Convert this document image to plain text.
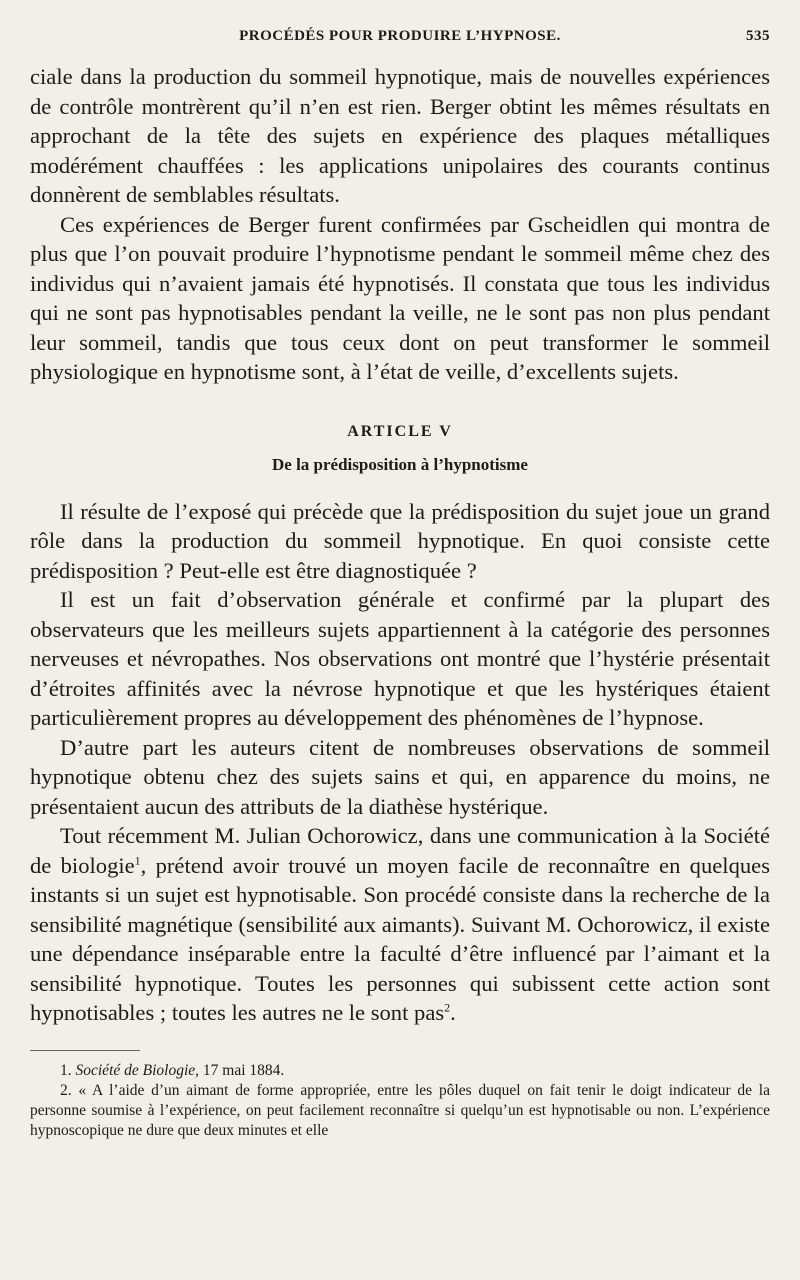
PROCÉDÉS POUR PRODUIRE L’HYPNOSE.	535

ciale dans la production du sommeil hypnotique, mais de nouvelles expériences de contrôle montrèrent qu’il n’en est rien. Berger obtint les mêmes résultats en approchant de la tête des sujets en expérience des plaques métalliques modérément chauffées : les applications unipolaires des courants continus donnèrent de semblables résultats.

Ces expériences de Berger furent confirmées par Gscheidlen qui montra de plus que l’on pouvait produire l’hypnotisme pendant le sommeil même chez des individus qui n’avaient jamais été hypnotisés. Il constata que tous les individus qui ne sont pas hypnotisables pendant la veille, ne le sont pas non plus pendant leur sommeil, tandis que tous ceux dont on peut transformer le sommeil physiologique en hypnotisme sont, à l’état de veille, d’excellents sujets.

ARTICLE V
De la prédisposition à l’hypnotisme

Il résulte de l’exposé qui précède que la prédisposition du sujet joue un grand rôle dans la production du sommeil hypnotique. En quoi consiste cette prédisposition ? Peut-elle est être diagnostiquée ?

Il est un fait d’observation générale et confirmé par la plupart des observateurs que les meilleurs sujets appartiennent à la catégorie des personnes nerveuses et névropathes. Nos observations ont montré que l’hystérie présentait d’étroites affinités avec la névrose hypnotique et que les hystériques étaient particulièrement propres au développement des phénomènes de l’hypnose.

D’autre part les auteurs citent de nombreuses observations de sommeil hypnotique obtenu chez des sujets sains et qui, en apparence du moins, ne présentaient aucun des attributs de la diathèse hystérique.

Tout récemment M. Julian Ochorowicz, dans une communication à la Société de biologie$^1$, prétend avoir trouvé un moyen facile de reconnaître en quelques instants si un sujet est hypnotisable. Son procédé consiste dans la recherche de la sensibilité magnétique (sensibilité aux aimants). Suivant M. Ochorowicz, il existe une dépendance inséparable entre la faculté d’être influencé par l’aimant et la sensibilité hypnotique. Toutes les personnes qui subissent cette action sont hypnotisables ; toutes les autres ne le sont pas$^2$.

1. Société de Biologie, 17 mai 1884.

2. « A l’aide d’un aimant de forme appropriée, entre les pôles duquel on fait tenir le doigt indicateur de la personne soumise à l’expérience, on peut facilement reconnaître si quelqu’un est hypnotisable ou non. L’expérience hypnoscopique ne dure que deux minutes et elle
